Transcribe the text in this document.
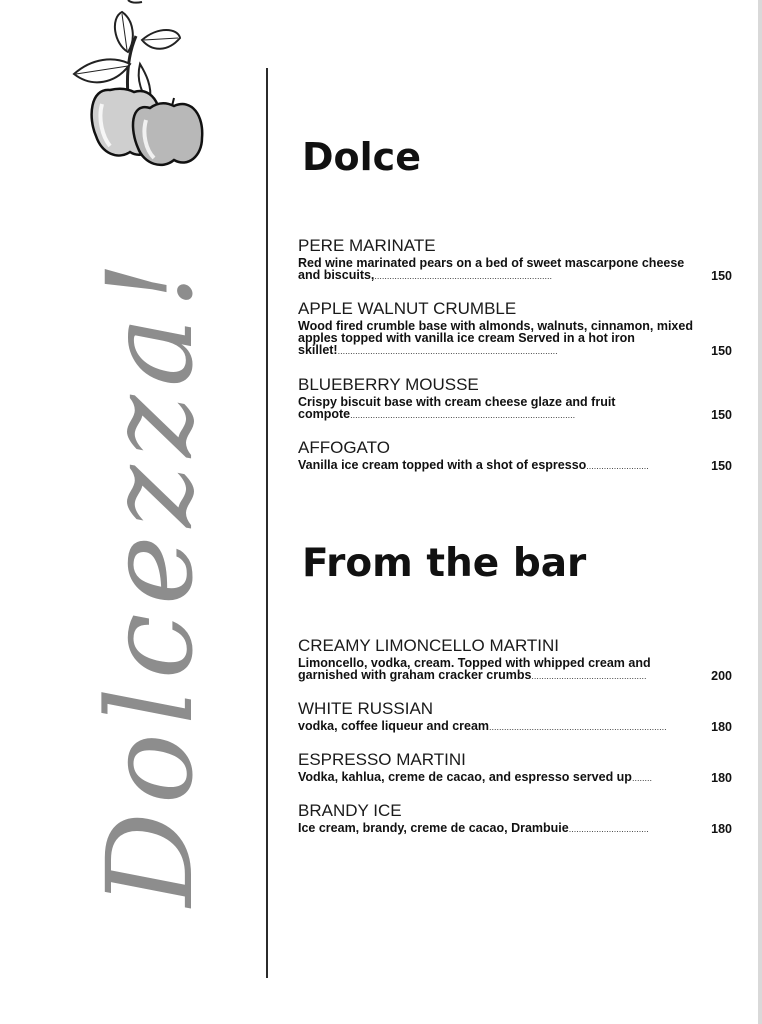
Dolcezza!
Dolce

PERE MARINATE

Red wine marinated pears on a bed of sweet mascarpone cheese and biscuits,.......................................................................	150

APPLE WALNUT CRUMBLE

Wood fired crumble base with almonds, walnuts, cinnamon, mixed apples topped with vanilla ice cream Served in a hot iron skillet!........................................................................................	150

BLUEBERRY MOUSSE

Crispy biscuit base with cream cheese glaze and fruit compote..........................................................................................	150

AFFOGATO

Vanilla ice cream topped with a shot of espresso.........................	150
From the bar

CREAMY LIMONCELLO MARTINI

Limoncello, vodka, cream. Topped with whipped cream and garnished with graham cracker crumbs..............................................	200

WHITE RUSSIAN

vodka, coffee liqueur and cream.......................................................................	180

ESPRESSO MARTINI

Vodka, kahlua, creme de cacao, and espresso served up........	180

BRANDY ICE

Ice cream, brandy, creme de cacao, Drambuie................................	180
